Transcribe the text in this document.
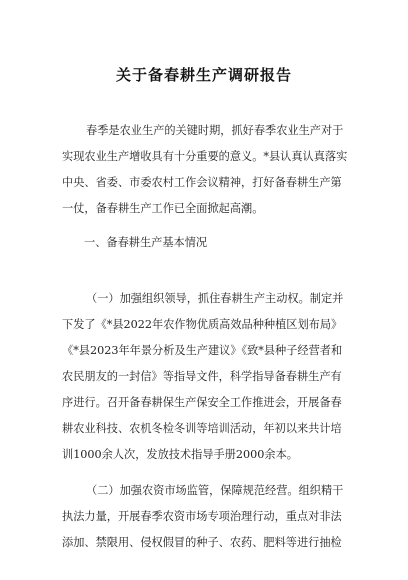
关于备春耕生产调研报告
春季是农业生产的关键时期，抓好春季农业生产对于
实现农业生产增收具有十分重要的意义。*县认真认真落实
中央、省委、市委农村工作会议精神，打好备春耕生产第
一仗，备春耕生产工作已全面掀起高潮。
一、备春耕生产基本情况
（一）加强组织领导，抓住春耕生产主动权。制定并
下发了《*县2022年农作物优质高效品种种植区划布局》
《*县2023年年景分析及生产建议》《致*县种子经营者和
农民朋友的一封信》等指导文件，科学指导备春耕生产有
序进行。召开备春耕保生产保安全工作推进会，开展备春
耕农业科技、农机冬检冬训等培训活动，年初以来共计培
训1000余人次，发放技术指导手册2000余本。
（二）加强农资市场监管，保障规范经营。组织精干
执法力量，开展春季农资市场专项治理行动，重点对非法
添加、禁限用、侵权假冒的种子、农药、肥料等进行抽检
